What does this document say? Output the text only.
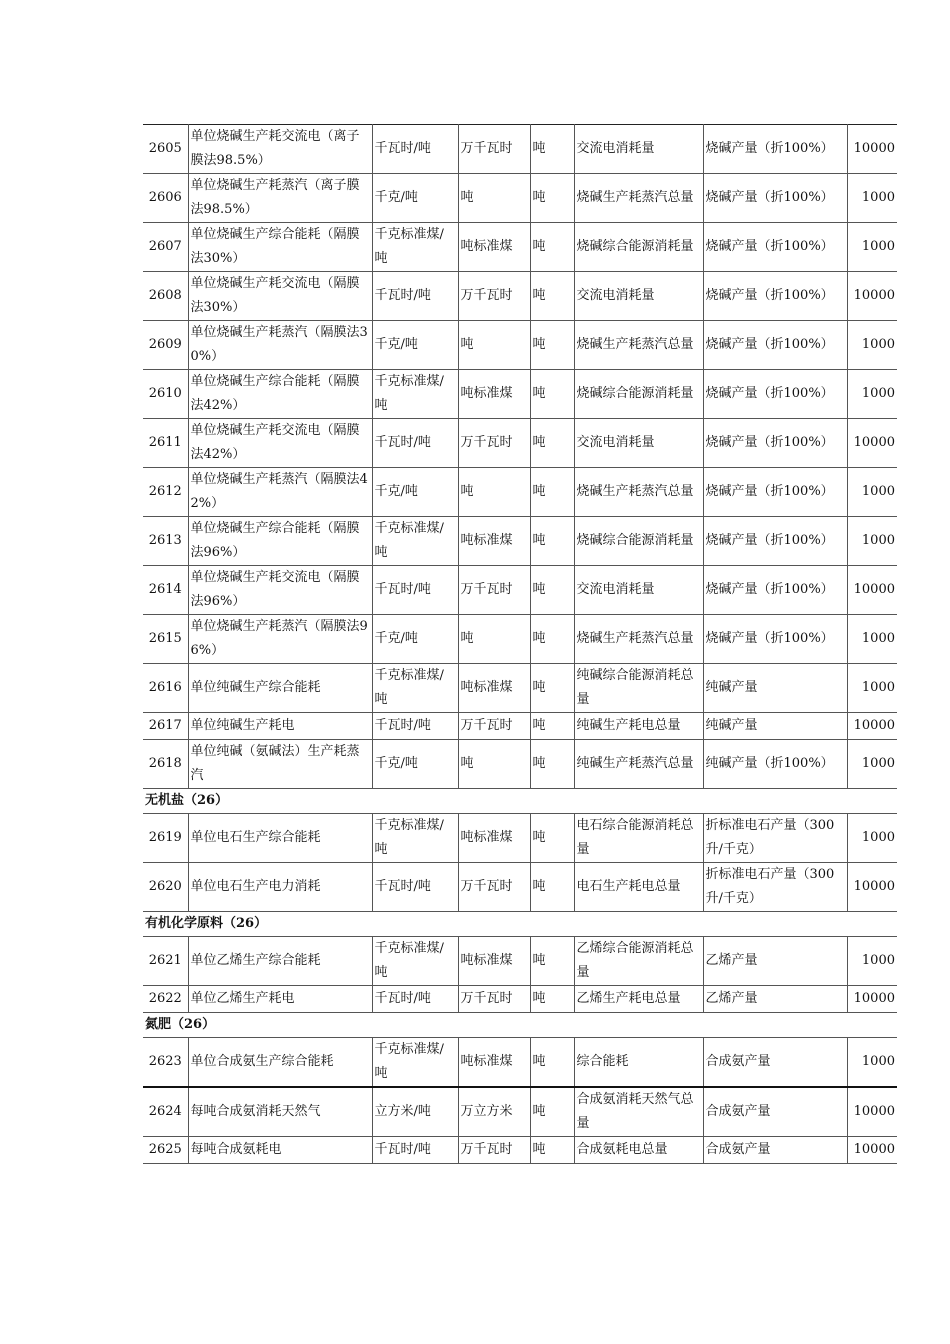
2605	单位烧碱生产耗交流电（离子膜法98.5%）	千瓦时/吨	万千瓦时	吨	交流电消耗量	烧碱产量（折100%）	10000
2606	单位烧碱生产耗蒸汽（离子膜法98.5%）	千克/吨	吨	吨	烧碱生产耗蒸汽总量	烧碱产量（折100%）	1000
2607	单位烧碱生产综合能耗（隔膜法30%）	千克标准煤/吨	吨标准煤	吨	烧碱综合能源消耗量	烧碱产量（折100%）	1000
2608	单位烧碱生产耗交流电（隔膜法30%）	千瓦时/吨	万千瓦时	吨	交流电消耗量	烧碱产量（折100%）	10000
2609	单位烧碱生产耗蒸汽（隔膜法30%）	千克/吨	吨	吨	烧碱生产耗蒸汽总量	烧碱产量（折100%）	1000
2610	单位烧碱生产综合能耗（隔膜法42%）	千克标准煤/吨	吨标准煤	吨	烧碱综合能源消耗量	烧碱产量（折100%）	1000
2611	单位烧碱生产耗交流电（隔膜法42%）	千瓦时/吨	万千瓦时	吨	交流电消耗量	烧碱产量（折100%）	10000
2612	单位烧碱生产耗蒸汽（隔膜法42%）	千克/吨	吨	吨	烧碱生产耗蒸汽总量	烧碱产量（折100%）	1000
2613	单位烧碱生产综合能耗（隔膜法96%）	千克标准煤/吨	吨标准煤	吨	烧碱综合能源消耗量	烧碱产量（折100%）	1000
2614	单位烧碱生产耗交流电（隔膜法96%）	千瓦时/吨	万千瓦时	吨	交流电消耗量	烧碱产量（折100%）	10000
2615	单位烧碱生产耗蒸汽（隔膜法96%）	千克/吨	吨	吨	烧碱生产耗蒸汽总量	烧碱产量（折100%）	1000
2616	单位纯碱生产综合能耗	千克标准煤/吨	吨标准煤	吨	纯碱综合能源消耗总量	纯碱产量	1000
2617	单位纯碱生产耗电	千瓦时/吨	万千瓦时	吨	纯碱生产耗电总量	纯碱产量	10000
2618	单位纯碱（氨碱法）生产耗蒸汽	千克/吨	吨	吨	纯碱生产耗蒸汽总量	纯碱产量（折100%）	1000
无机盐（26）							
2619	单位电石生产综合能耗	千克标准煤/吨	吨标准煤	吨	电石综合能源消耗总量	折标准电石产量（300升/千克）	1000
2620	单位电石生产电力消耗	千瓦时/吨	万千瓦时	吨	电石生产耗电总量	折标准电石产量（300升/千克）	10000
有机化学原料（26）							
2621	单位乙烯生产综合能耗	千克标准煤/吨	吨标准煤	吨	乙烯综合能源消耗总量	乙烯产量	1000
2622	单位乙烯生产耗电	千瓦时/吨	万千瓦时	吨	乙烯生产耗电总量	乙烯产量	10000
氮肥（26）							
2623	单位合成氨生产综合能耗	千克标准煤/吨	吨标准煤	吨	综合能耗	合成氨产量	1000
2624	每吨合成氨消耗天然气	立方米/吨	万立方米	吨	合成氨消耗天然气总量	合成氨产量	10000
2625	每吨合成氨耗电	千瓦时/吨	万千瓦时	吨	合成氨耗电总量	合成氨产量	10000
